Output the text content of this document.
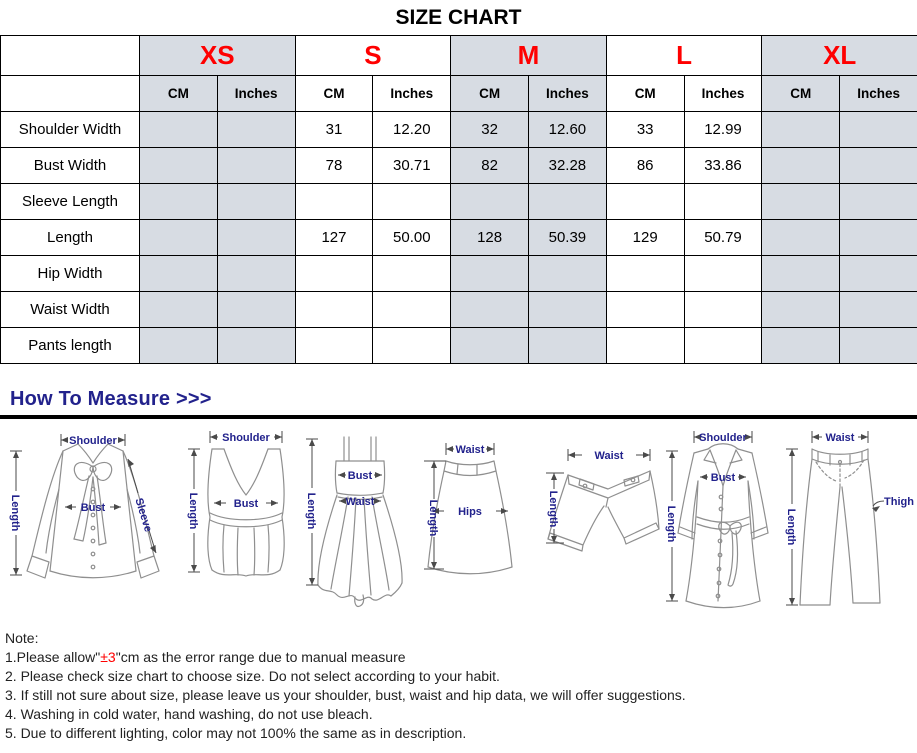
SIZE CHART
	XS		S		M		L		XL	
	CM	Inches	CM	Inches	CM	Inches	CM	Inches	CM	Inches
Shoulder Width			31	12.20	32	12.60	33	12.99		
Bust Width			78	30.71	82	32.28	86	33.86		
Sleeve Length										
Length			127	50.00	128	50.39	129	50.79		
Hip Width										
Waist Width										
Pants length										
How To Measure >>>
Shoulder
Length	Bust Sleeve
Shoulder
Length	Bust
Bust
Waist
Length
Waist
Hips
Length
Waist
Length
Shoulder
Bust
Length
Waist
Thigh
Length
Note:
1.Please allow"±3"cm as the error range due to manual measure
2. Please check size chart to choose size. Do not select according to your habit.
3. If still not sure about size, please leave us your shoulder, bust, waist and hip data, we will offer suggestions.
4. Washing in cold water, hand washing, do not use bleach.
5. Due to different lighting, color may not 100% the same as in description.
